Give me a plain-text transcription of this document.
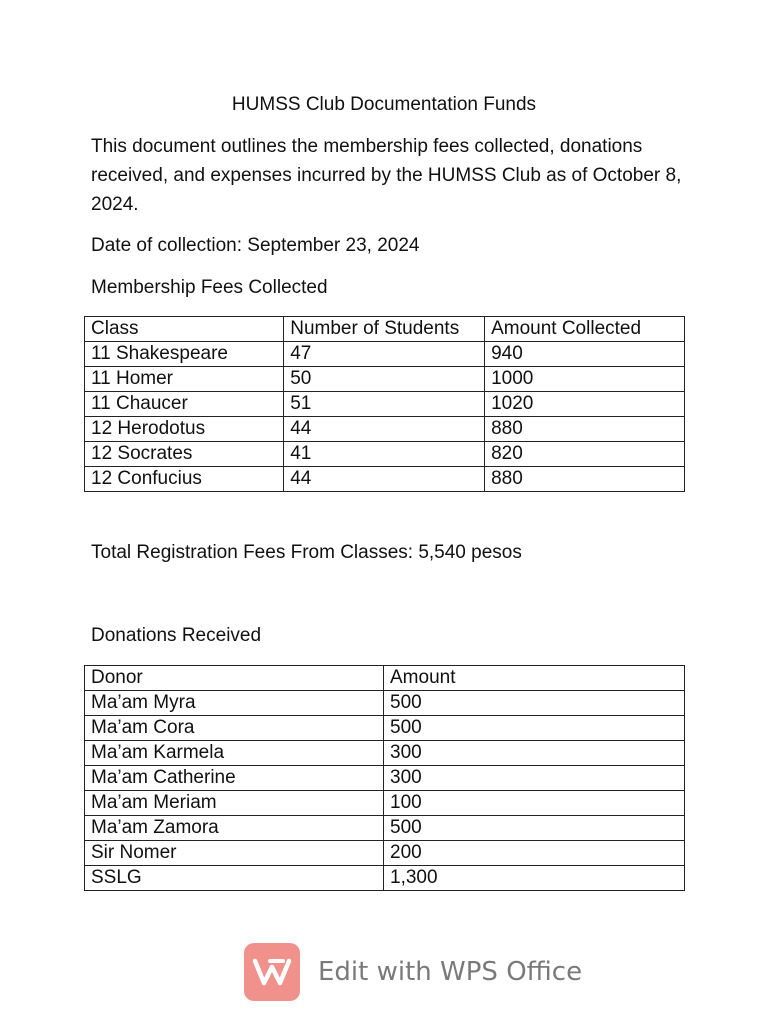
HUMSS Club Documentation Funds

This document outlines the membership fees collected, donations received, and expenses incurred by the HUMSS Club as of October 8, 2024.

Date of collection: September 23, 2024

Membership Fees Collected
Class	Number of Students	Amount Collected
11 Shakespeare	47	940
11 Homer	50	1000
11 Chaucer	51	1020
12 Herodotus	44	880
12 Socrates	41	820
12 Confucius	44	880

Total Registration Fees From Classes: 5,540 pesos

Donations Received
Donor	Amount
Ma’am Myra	500
Ma’am Cora	500
Ma’am Karmela	300
Ma’am Catherine	300
Ma’am Meriam	100
Ma’am Zamora	500
Sir Nomer	200
SSLG	1,300
Edit with WPS Office
